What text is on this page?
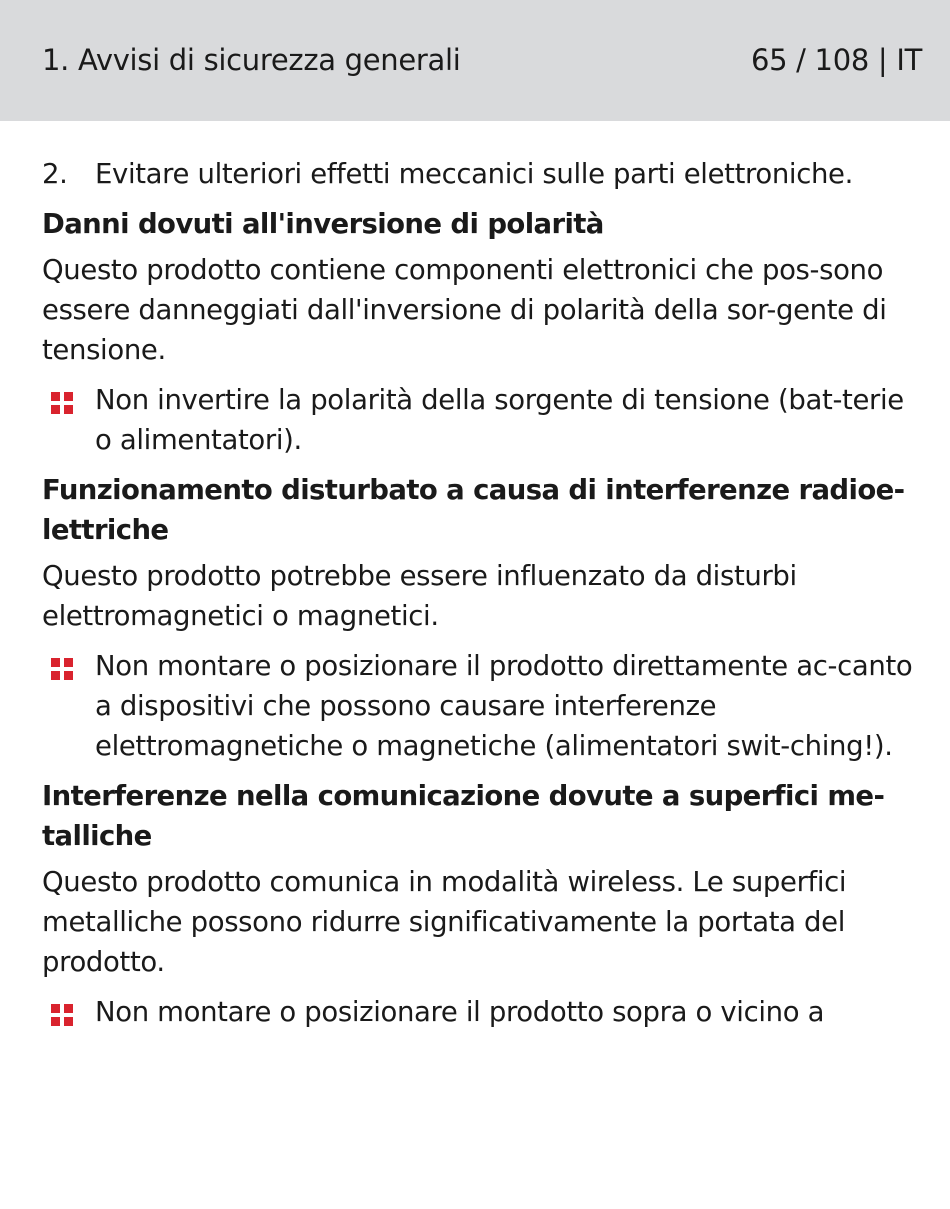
1. Avvisi di sicurezza generali	65 / 108 | IT
2. Evitare ulteriori effetti meccanici sulle parti elettroniche.
Danni dovuti all'inversione di polarità

Questo prodotto contiene componenti elettronici che pos-sono essere danneggiati dall'inversione di polarità della sor-gente di tensione.

Non invertire la polarità della sorgente di tensione (bat-terie o alimentatori).
Funzionamento disturbato a causa di interferenze radioe-lettriche

Questo prodotto potrebbe essere influenzato da disturbi elettromagnetici o magnetici.

Non montare o posizionare il prodotto direttamente ac-canto a dispositivi che possono causare interferenze elettromagnetiche o magnetiche (alimentatori swit-ching!).
Interferenze nella comunicazione dovute a superfici me-talliche

Questo prodotto comunica in modalità wireless. Le superfici metalliche possono ridurre significativamente la portata del prodotto.

Non montare o posizionare il prodotto sopra o vicino a
